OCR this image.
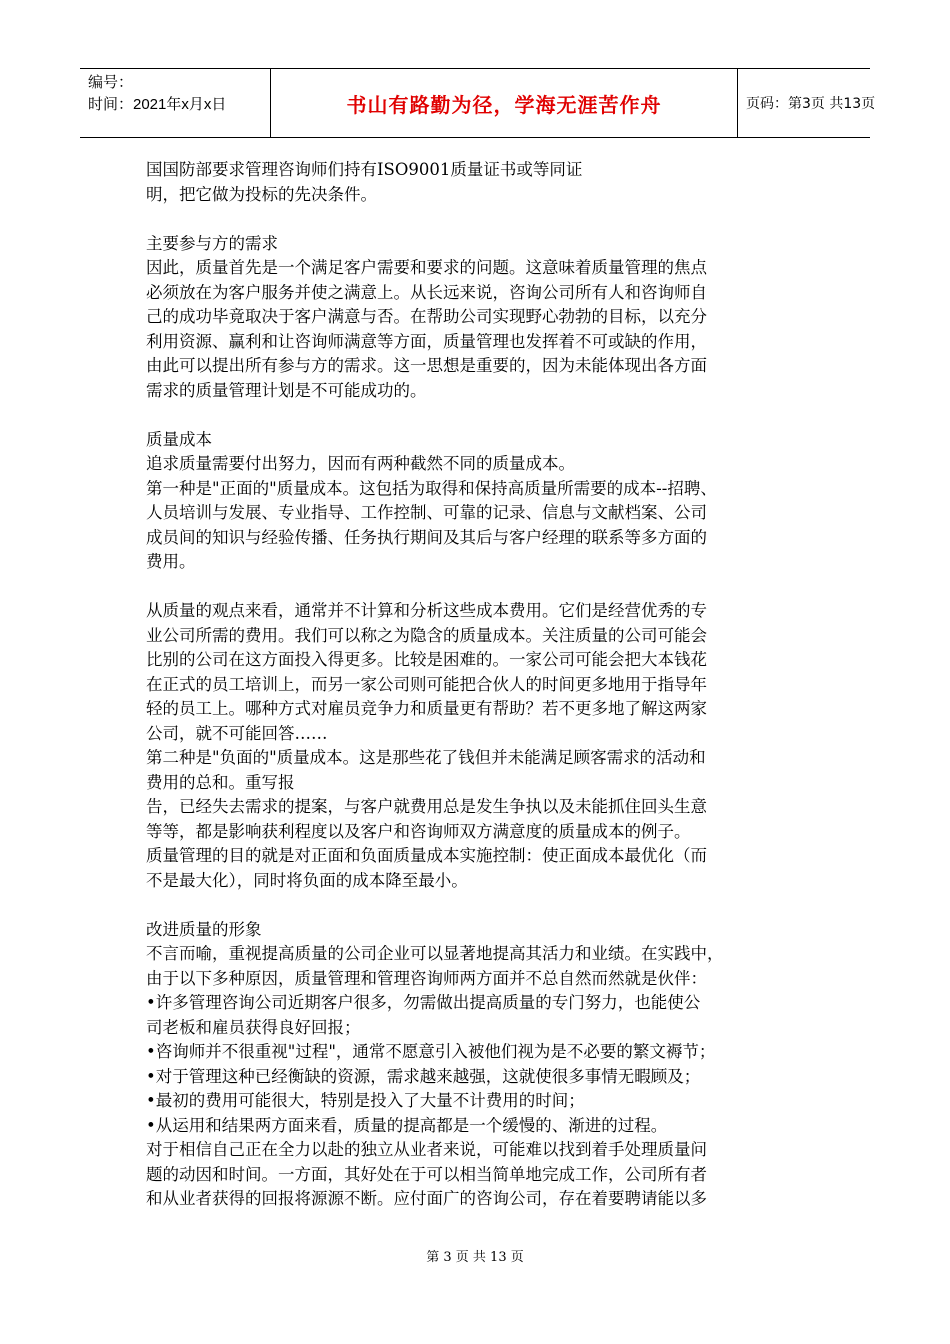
编号：
时间：2021年x月x日	书山有路勤为径，学海无涯苦作舟	页码：第3页 共13页

国国防部要求管理咨询师们持有ISO9001质量证书或等同证

明，把它做为投标的先决条件。

主要参与方的需求

因此，质量首先是一个满足客户需要和要求的问题。这意味着质量管理的焦点

必须放在为客户服务并使之满意上。从长远来说，咨询公司所有人和咨询师自

己的成功毕竟取决于客户满意与否。在帮助公司实现野心勃勃的目标，以充分

利用资源、赢利和让咨询师满意等方面，质量管理也发挥着不可或缺的作用，

由此可以提出所有参与方的需求。这一思想是重要的，因为未能体现出各方面

需求的质量管理计划是不可能成功的。

质量成本

追求质量需要付出努力，因而有两种截然不同的质量成本。

第一种是"正面的"质量成本。这包括为取得和保持高质量所需要的成本--招聘、

人员培训与发展、专业指导、工作控制、可靠的记录、信息与文献档案、公司

成员间的知识与经验传播、任务执行期间及其后与客户经理的联系等多方面的

费用。

从质量的观点来看，通常并不计算和分析这些成本费用。它们是经营优秀的专

业公司所需的费用。我们可以称之为隐含的质量成本。关注质量的公司可能会

比别的公司在这方面投入得更多。比较是困难的。一家公司可能会把大本钱花

在正式的员工培训上，而另一家公司则可能把合伙人的时间更多地用于指导年

轻的员工上。哪种方式对雇员竞争力和质量更有帮助？若不更多地了解这两家

公司，就不可能回答……

第二种是"负面的"质量成本。这是那些花了钱但并未能满足顾客需求的活动和

费用的总和。重写报

告，已经失去需求的提案，与客户就费用总是发生争执以及未能抓住回头生意

等等，都是影响获利程度以及客户和咨询师双方满意度的质量成本的例子。

质量管理的目的就是对正面和负面质量成本实施控制：使正面成本最优化（而

不是最大化），同时将负面的成本降至最小。

改进质量的形象

不言而喻，重视提高质量的公司企业可以显著地提高其活力和业绩。在实践中，

由于以下多种原因，质量管理和管理咨询师两方面并不总自然而然就是伙伴：

•许多管理咨询公司近期客户很多，勿需做出提高质量的专门努力，也能使公

司老板和雇员获得良好回报；

•咨询师并不很重视"过程"，通常不愿意引入被他们视为是不必要的繁文褥节；

•对于管理这种已经衡缺的资源，需求越来越强，这就使很多事情无暇顾及；

•最初的费用可能很大，特别是投入了大量不计费用的时间；

•从运用和结果两方面来看，质量的提高都是一个缓慢的、渐进的过程。

对于相信自己正在全力以赴的独立从业者来说，可能难以找到着手处理质量问

题的动因和时间。一方面，其好处在于可以相当简单地完成工作，公司所有者

和从业者获得的回报将源源不断。应付面广的咨询公司，存在着要聘请能以多

第 3 页 共 13 页
